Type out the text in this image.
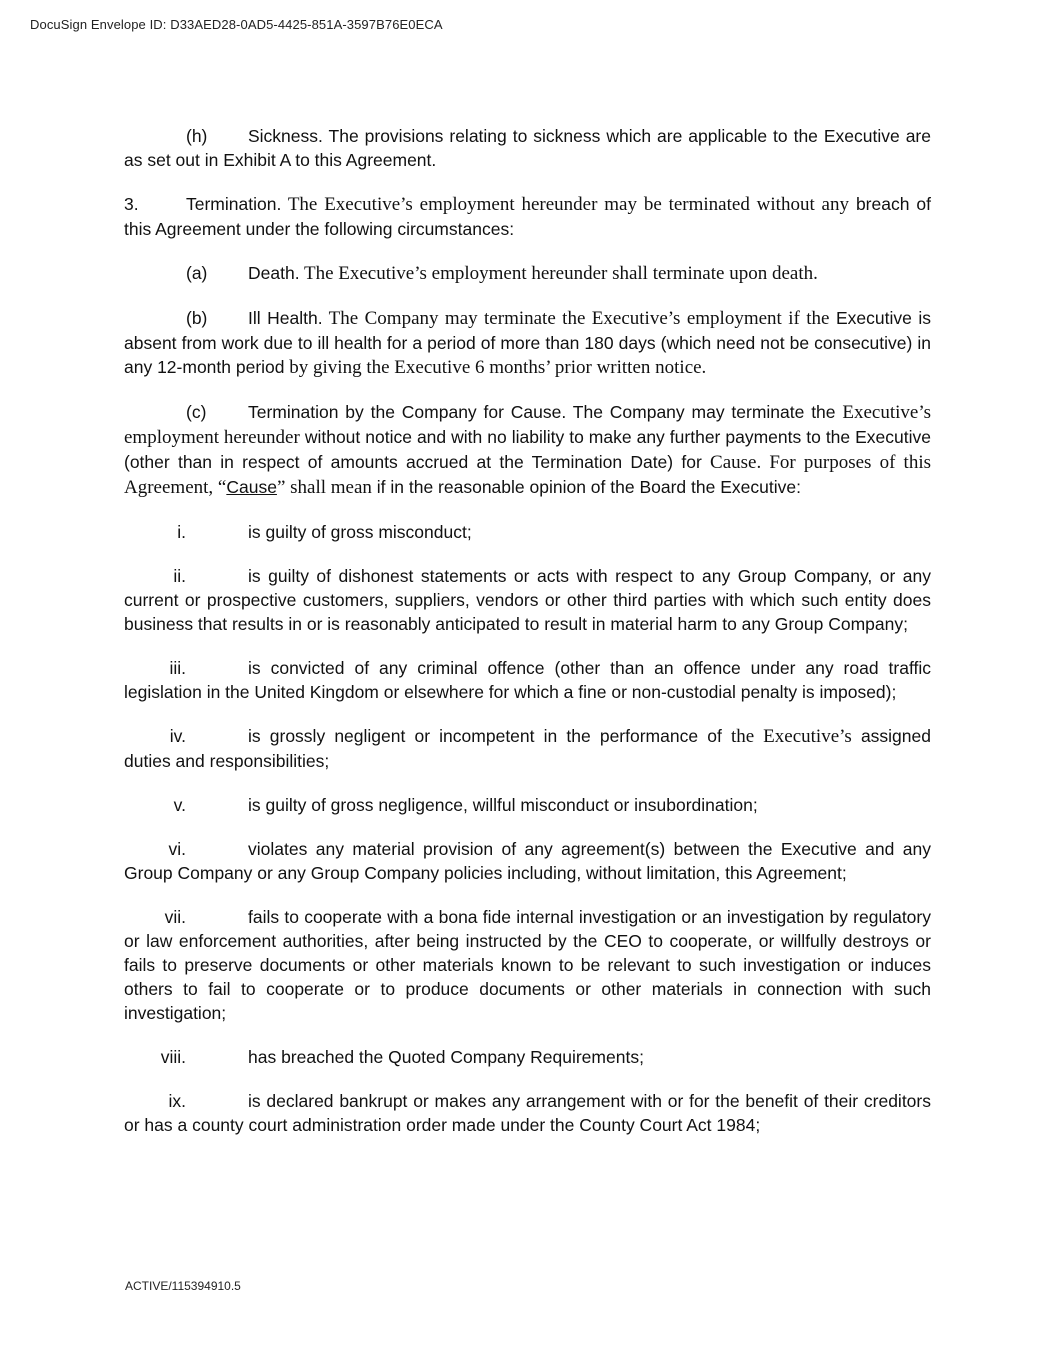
DocuSign Envelope ID: D33AED28-0AD5-4425-851A-3597B76E0ECA

(h) Sickness. The provisions relating to sickness which are applicable to the Executive are as set out in Exhibit A to this Agreement.

3.	Termination. The Executive’s employment hereunder may be terminated without any breach of this Agreement under the following circumstances:

(a) Death. The Executive’s employment hereunder shall terminate upon death.

(b) Ill Health. The Company may terminate the Executive’s employment if the Executive is absent from work due to ill health for a period of more than 180 days (which need not be consecutive) in any 12-month period by giving the Executive 6 months’ prior written notice.

(c) Termination by the Company for Cause. The Company may terminate the Executive’s employment hereunder without notice and with no liability to make any further payments to the Executive (other than in respect of amounts accrued at the Termination Date) for Cause. For purposes of this Agreement, “Cause” shall mean if in the reasonable opinion of the Board the Executive:

i.	is guilty of gross misconduct;

ii.	is guilty of dishonest statements or acts with respect to any Group Company, or any current or prospective customers, suppliers, vendors or other third parties with which such entity does business that results in or is reasonably anticipated to result in material harm to any Group Company;

iii.	is convicted of any criminal offence (other than an offence under any road traffic legislation in the United Kingdom or elsewhere for which a fine or non-custodial penalty is imposed);

iv.	is grossly negligent or incompetent in the performance of the Executive’s assigned duties and responsibilities;

v.	is guilty of gross negligence, willful misconduct or insubordination;

vi.	violates any material provision of any agreement(s) between the Executive and any Group Company or any Group Company policies including, without limitation, this Agreement;

vii.	fails to cooperate with a bona fide internal investigation or an investigation by regulatory or law enforcement authorities, after being instructed by the CEO to cooperate, or willfully destroys or fails to preserve documents or other materials known to be relevant to such investigation or induces others to fail to cooperate or to produce documents or other materials in connection with such investigation;

viii.	has breached the Quoted Company Requirements;

ix.	is declared bankrupt or makes any arrangement with or for the benefit of their creditors or has a county court administration order made under the County Court Act 1984;

ACTIVE/115394910.5
